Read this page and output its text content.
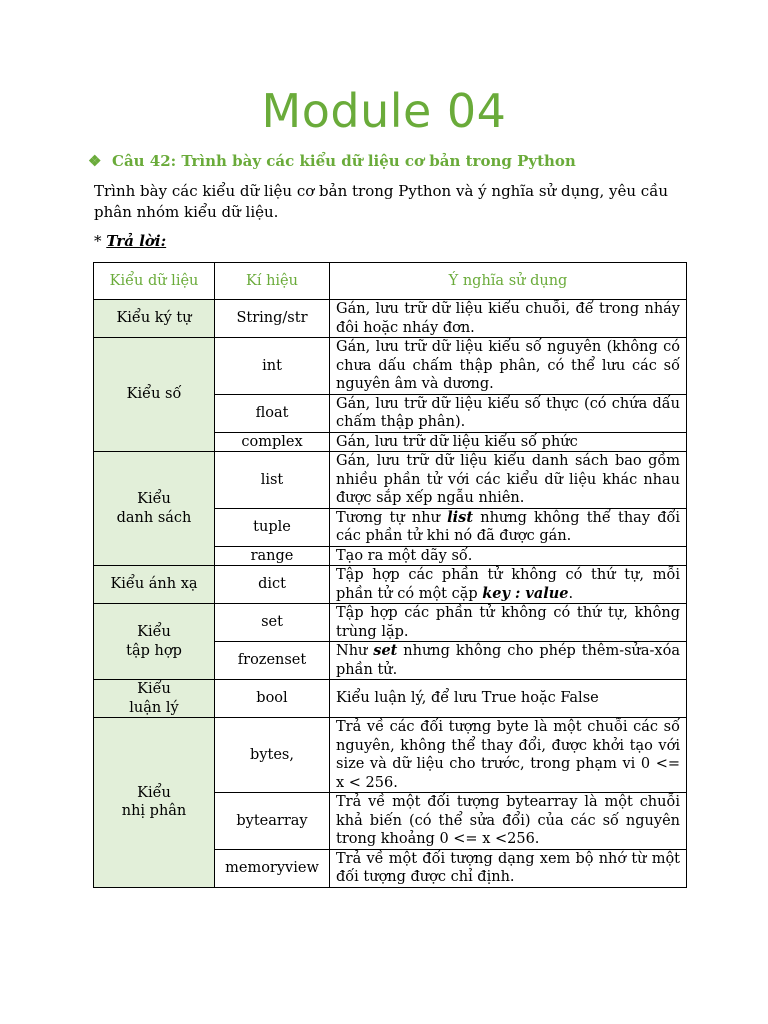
Module 04
❖ Câu 42: Trình bày các kiểu dữ liệu cơ bản trong Python
Trình bày các kiểu dữ liệu cơ bản trong Python và ý nghĩa sử dụng, yêu cầu phân nhóm kiểu dữ liệu.
* Trả lời:
Kiểu dữ liệu	Kí hiệu	Ý nghĩa sử dụng
Kiểu ký tự	String/str	Gán, lưu trữ dữ liệu kiểu chuỗi, để trong nháy đôi hoặc nháy đơn.
Kiểu số	int	Gán, lưu trữ dữ liệu kiểu số nguyên (không có chưa dấu chấm thập phân, có thể lưu các số nguyên âm và dương.
	float	Gán, lưu trữ dữ liệu kiểu số thực (có chứa dấu chấm thập phân).
	complex	Gán, lưu trữ dữ liệu kiểu số phức
Kiểu
danh sách	list	Gán, lưu trữ dữ liệu kiểu danh sách bao gồm nhiều phần tử với các kiểu dữ liệu khác nhau được sắp xếp ngẫu nhiên.
	tuple	Tương tự như list nhưng không thể thay đổi các phần tử khi nó đã được gán.
	range	Tạo ra một dãy số.
Kiểu ánh xạ	dict	Tập hợp các phần tử không có thứ tự, mỗi phần tử có một cặp key : value.
Kiểu
tập hợp	set	Tập hợp các phần tử không có thứ tự, không trùng lặp.
	frozenset	Như set nhưng không cho phép thêm-sửa-xóa phần tử.
Kiểu
luận lý	bool	Kiểu luận lý, để lưu True hoặc False
Kiểu
nhị phân	bytes,	Trả về các đối tượng byte là một chuỗi các số nguyên, không thể thay đổi, được khởi tạo với size và dữ liệu cho trước, trong phạm vi 0 <= x < 256.
	bytearray	Trả về một đối tượng bytearray là một chuỗi khả biến (có thể sửa đổi) của các số nguyên trong khoảng 0 <= x <256.
	memoryview	Trả về một đối tượng dạng xem bộ nhớ từ một đối tượng được chỉ định.
